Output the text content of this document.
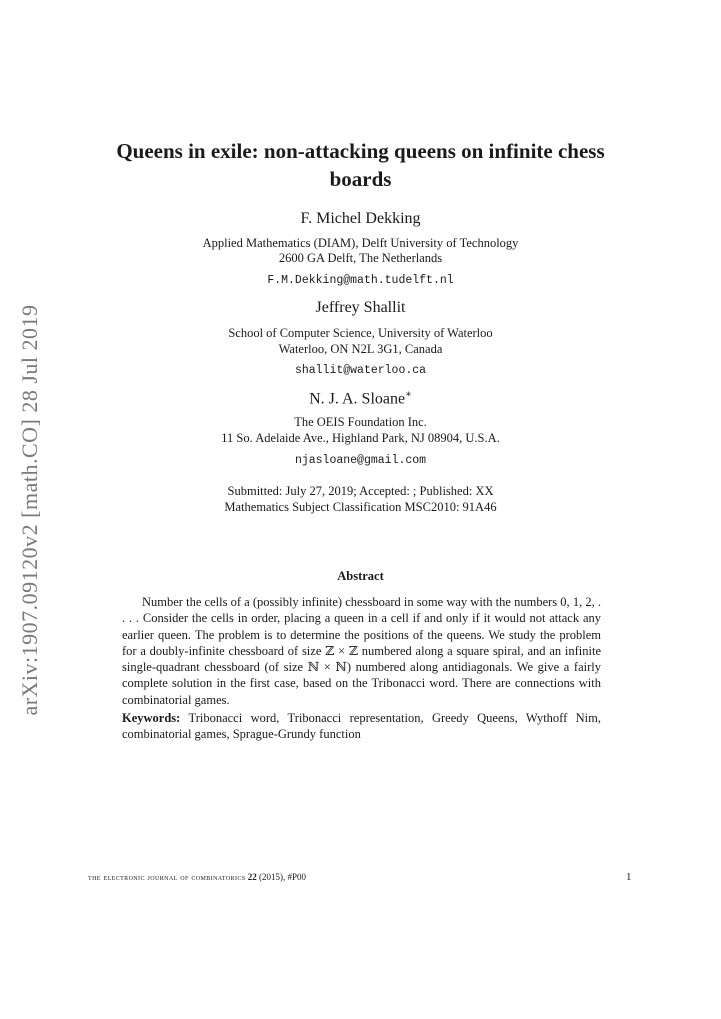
arXiv:1907.09120v2 [math.CO] 28 Jul 2019
Queens in exile: non-attacking queens on infinite chess boards
F. Michel Dekking
Applied Mathematics (DIAM), Delft University of Technology
2600 GA Delft, The Netherlands
F.M.Dekking@math.tudelft.nl
Jeffrey Shallit
School of Computer Science, University of Waterloo
Waterloo, ON N2L 3G1, Canada
shallit@waterloo.ca
N. J. A. Sloane∗
The OEIS Foundation Inc.
11 So. Adelaide Ave., Highland Park, NJ 08904, U.S.A.
njasloane@gmail.com
Submitted: July 27, 2019; Accepted: ; Published: XX
Mathematics Subject Classification MSC2010: 91A46
Abstract

Number the cells of a (possibly infinite) chessboard in some way with the numbers 0, 1, 2, . . . . Consider the cells in order, placing a queen in a cell if and only if it would not attack any earlier queen. The problem is to determine the positions of the queens. We study the problem for a doubly-infinite chessboard of size ℤ × ℤ numbered along a square spiral, and an infinite single-quadrant chessboard (of size ℕ × ℕ) numbered along antidiagonals. We give a fairly complete solution in the first case, based on the Tribonacci word. There are connections with combinatorial games.

Keywords: Tribonacci word, Tribonacci representation, Greedy Queens, Wythoff Nim, combinatorial games, Sprague-Grundy function

the electronic journal of combinatorics 22 (2015), #P00	1
